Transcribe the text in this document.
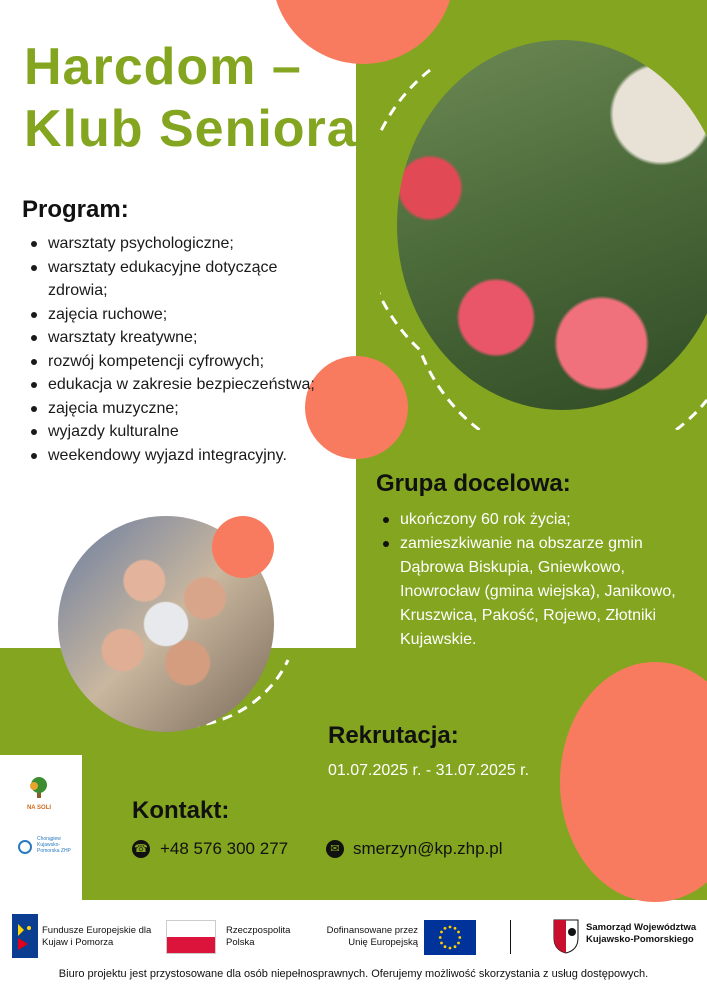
Harcdom –
Klub Seniora
Program:
warsztaty psychologiczne;
warsztaty edukacyjne dotyczące zdrowia;
zajęcia ruchowe;
warsztaty kreatywne;
rozwój kompetencji cyfrowych;
edukacja w zakresie bezpieczeństwa;
zajęcia muzyczne;
wyjazdy kulturalne
weekendowy wyjazd integracyjny.
Grupa docelowa:
ukończony 60 rok życia;
zamieszkiwanie na obszarze gmin Dąbrowa Biskupia, Gniewkowo, Inowrocław (gmina wiejska), Janikowo, Kruszwica, Pakość, Rojewo, Złotniki Kujawskie.
Rekrutacja:
01.07.2025 r. - 31.07.2025 r.
Kontakt:
☎ +48 576 300 277	✉ smerzyn@kp.zhp.pl
NA SOLI
Chorągiew Kujawsko-Pomorska ZHP
Fundusze Europejskie dla Kujaw i Pomorza
Rzeczpospolita Polska
Dofinansowane przez Unię Europejską
Samorząd Województwa Kujawsko-Pomorskiego
Biuro projektu jest przystosowane dla osób niepełnosprawnych. Oferujemy możliwość skorzystania z usług dostępowych.
